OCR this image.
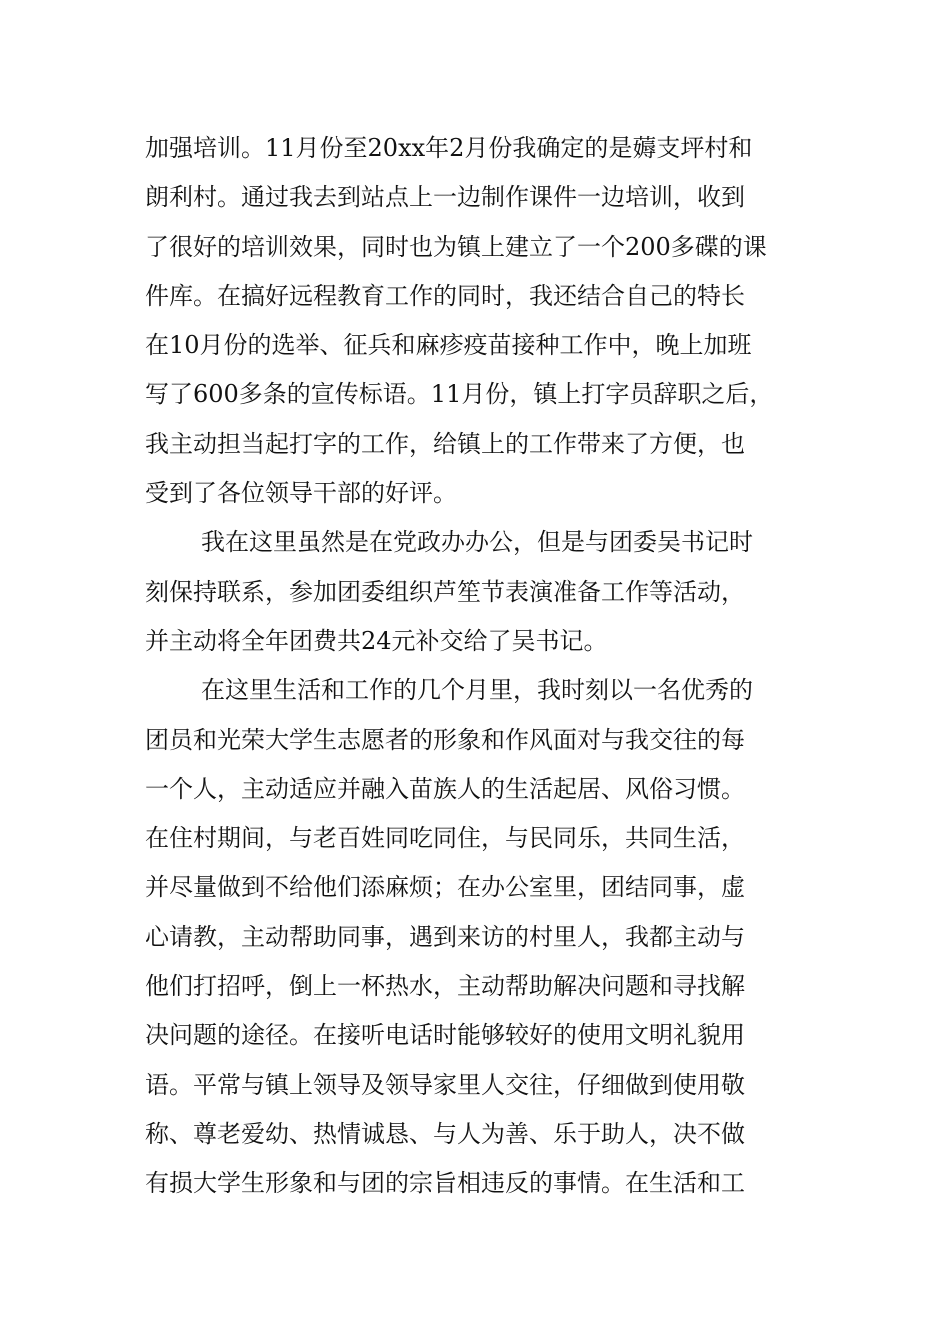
加强培训。11月份至20xx年2月份我确定的是薅支坪村和
朗利村。通过我去到站点上一边制作课件一边培训，收到
了很好的培训效果，同时也为镇上建立了一个200多碟的课
件库。在搞好远程教育工作的同时，我还结合自己的特长
在10月份的选举、征兵和麻疹疫苗接种工作中，晚上加班
写了600多条的宣传标语。11月份，镇上打字员辞职之后，
我主动担当起打字的工作，给镇上的工作带来了方便，也
受到了各位领导干部的好评。
我在这里虽然是在党政办办公，但是与团委吴书记时
刻保持联系，参加团委组织芦笙节表演准备工作等活动，
并主动将全年团费共24元补交给了吴书记。
在这里生活和工作的几个月里，我时刻以一名优秀的
团员和光荣大学生志愿者的形象和作风面对与我交往的每
一个人，主动适应并融入苗族人的生活起居、风俗习惯。
在住村期间，与老百姓同吃同住，与民同乐，共同生活，
并尽量做到不给他们添麻烦；在办公室里，团结同事，虚
心请教，主动帮助同事，遇到来访的村里人，我都主动与
他们打招呼，倒上一杯热水，主动帮助解决问题和寻找解
决问题的途径。在接听电话时能够较好的使用文明礼貌用
语。平常与镇上领导及领导家里人交往，仔细做到使用敬
称、尊老爱幼、热情诚恳、与人为善、乐于助人，决不做
有损大学生形象和与团的宗旨相违反的事情。在生活和工
